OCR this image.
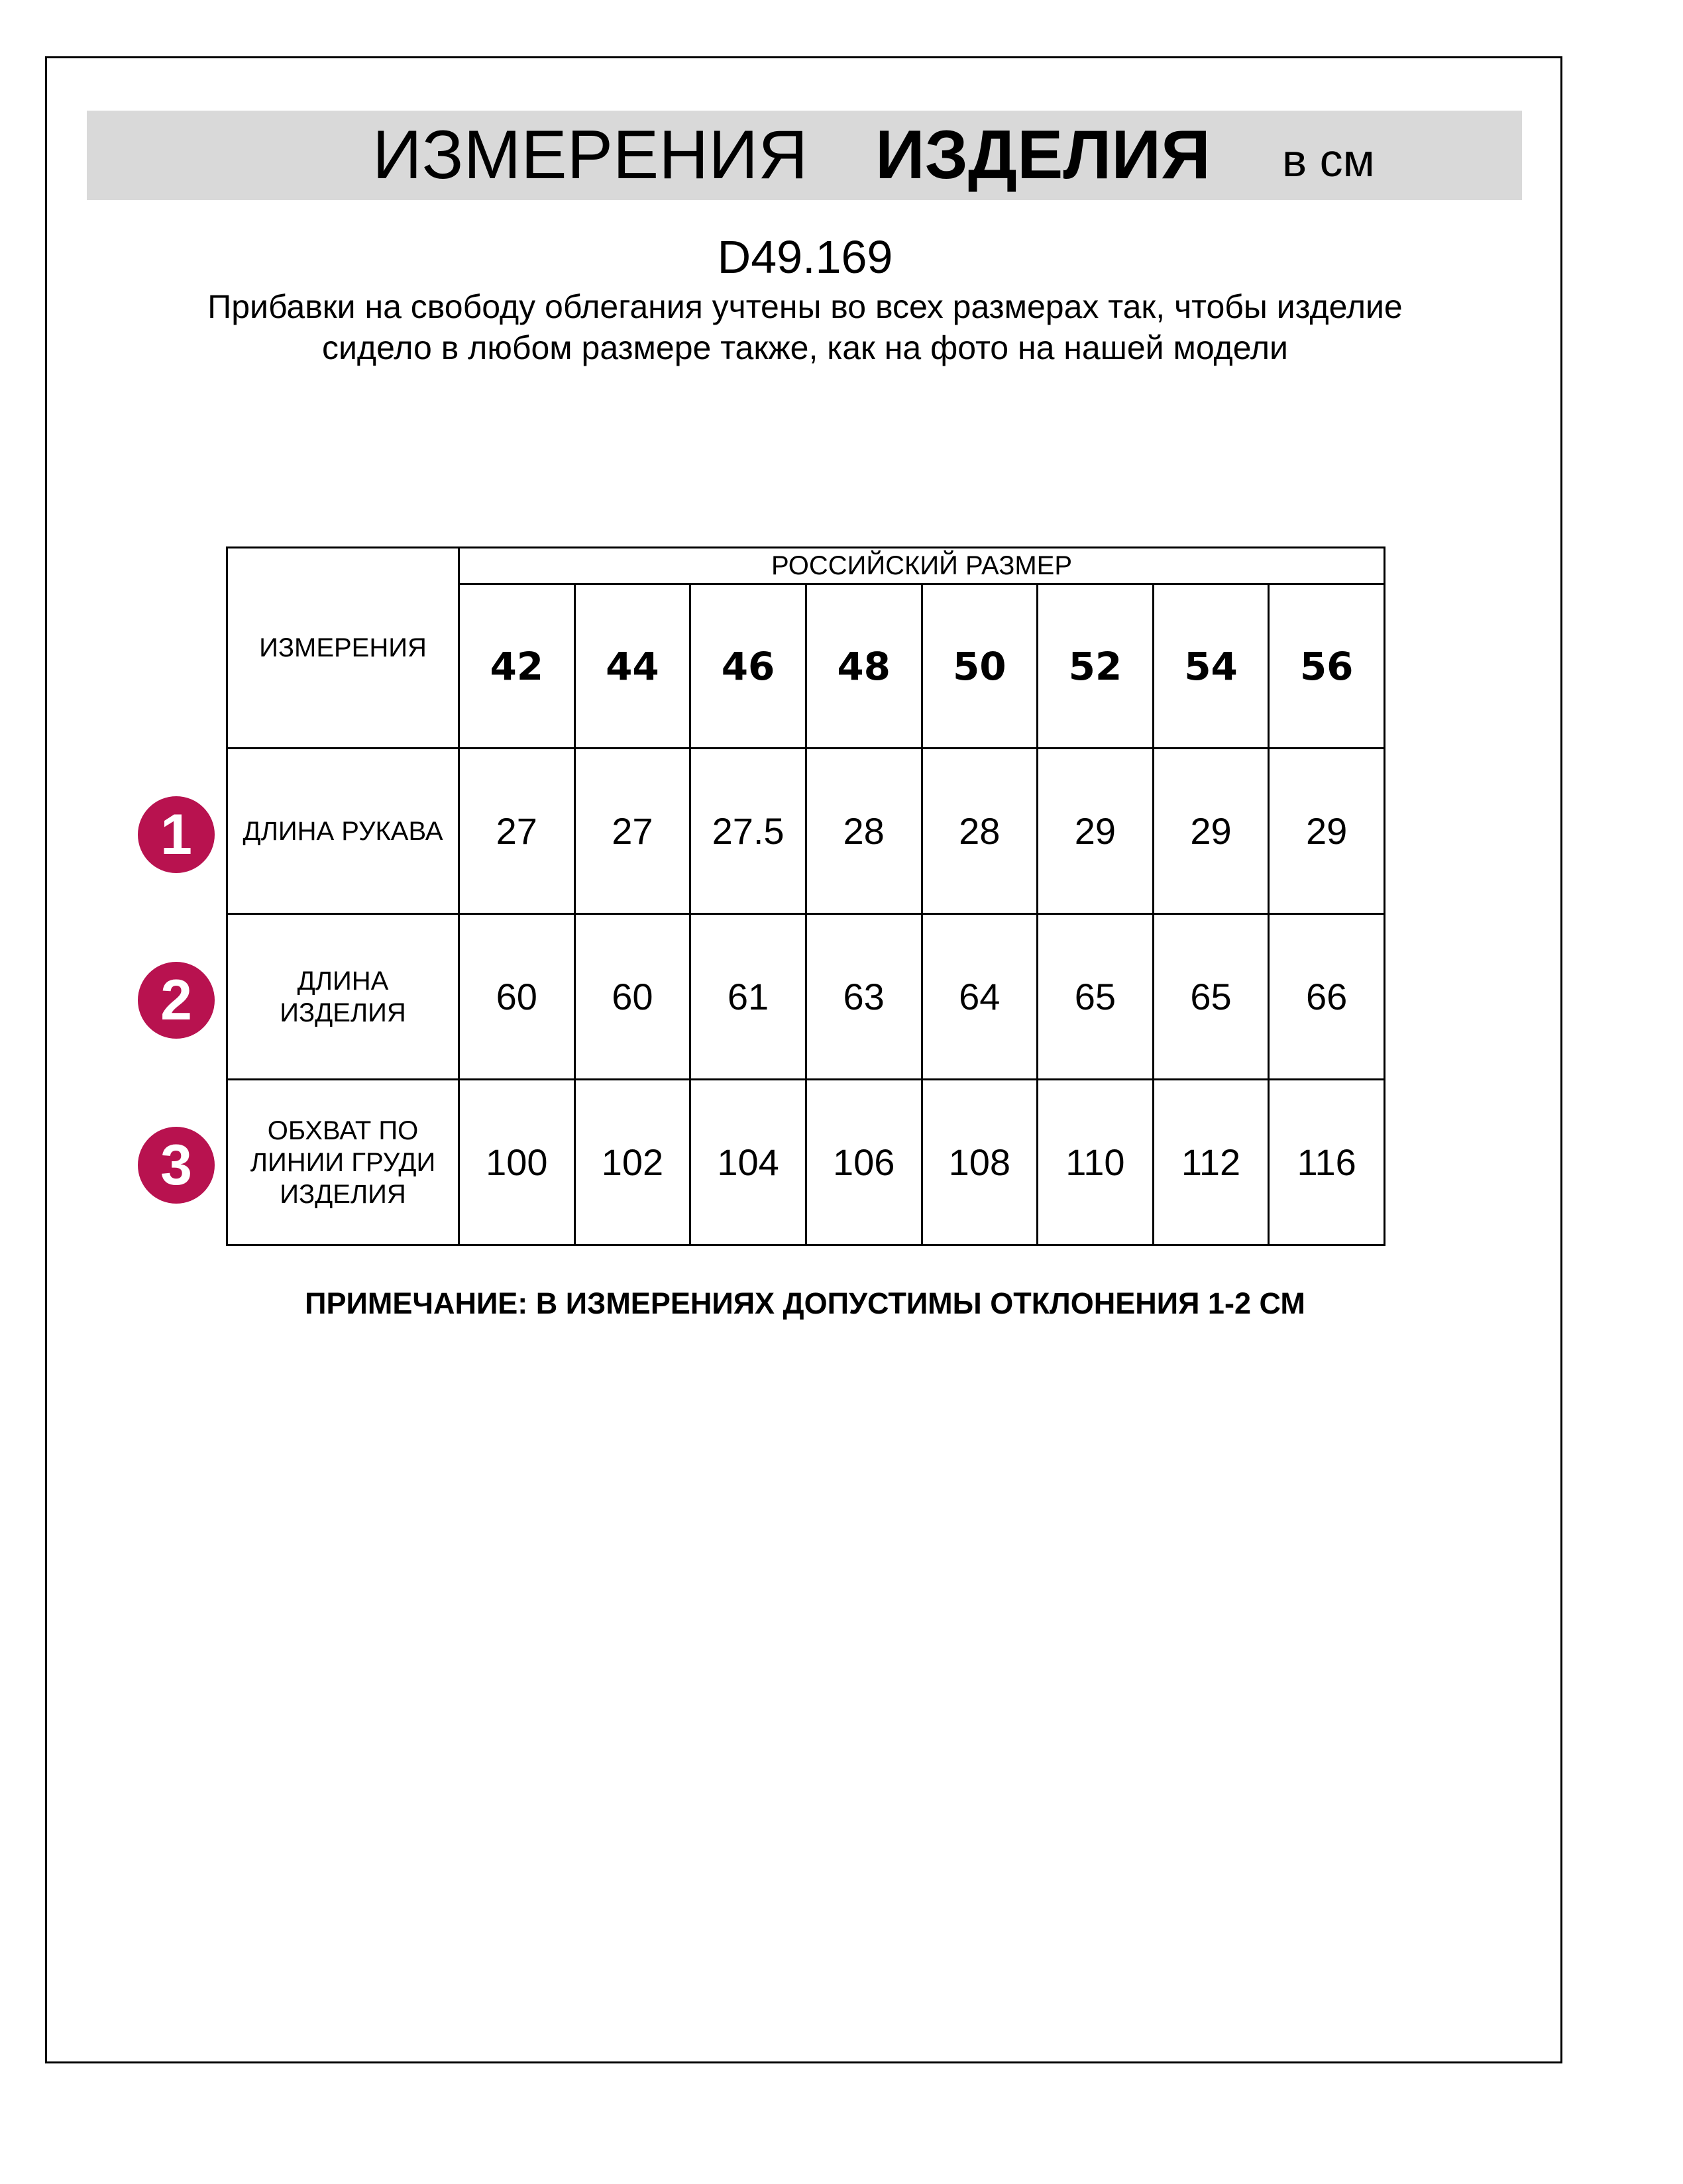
ИЗМЕРЕНИЯ ИЗДЕЛИЯ в см
D49.169
Прибавки на свободу облегания учтены во всех размерах так, чтобы изделие сидело в любом размере также, как на фото на нашей модели
1
2
3
ИЗМЕРЕНИЯ	РОССИЙСКИЙ РАЗМЕР							
	42	44	46	48	50	52	54	56
ДЛИНА РУКАВА	27	27	27.5	28	28	29	29	29
ДЛИНА
ИЗДЕЛИЯ	60	60	61	63	64	65	65	66
ОБХВАТ ПО
ЛИНИИ ГРУДИ
ИЗДЕЛИЯ	100	102	104	106	108	110	112	116
ПРИМЕЧАНИЕ: В ИЗМЕРЕНИЯХ ДОПУСТИМЫ ОТКЛОНЕНИЯ 1-2 СМ
